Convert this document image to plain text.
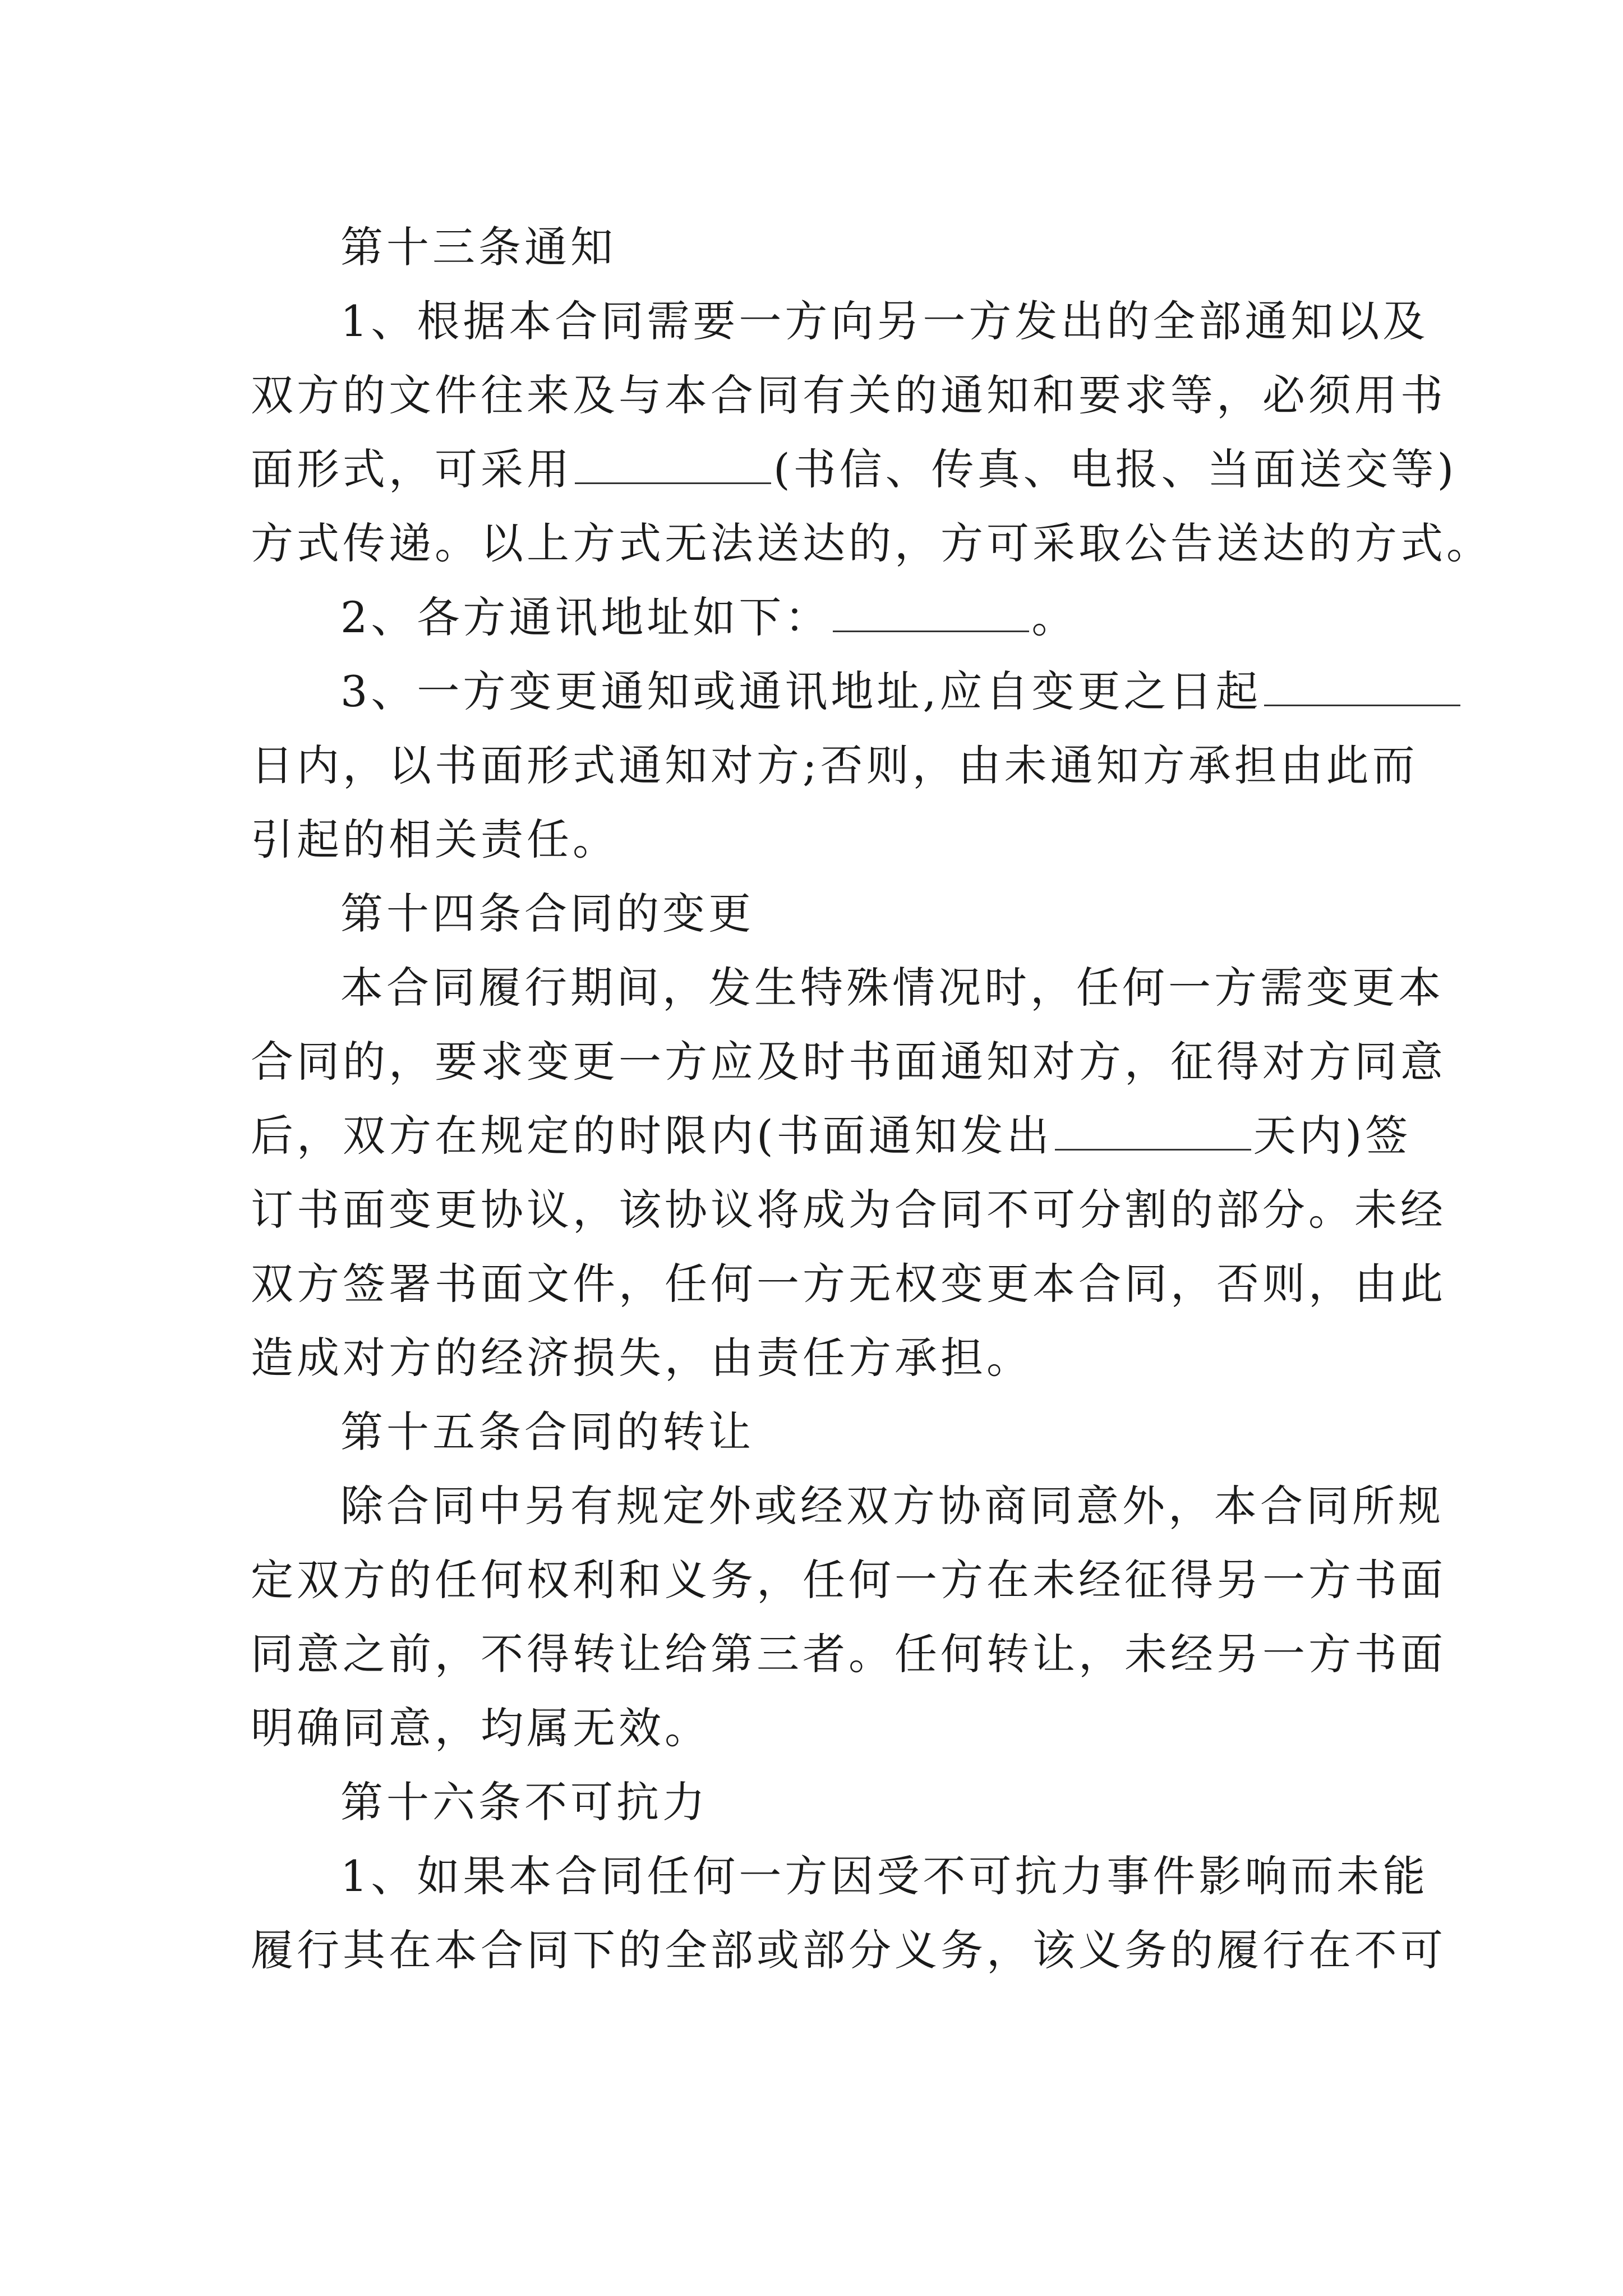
第十三条通知
1、根据本合同需要一方向另一方发出的全部通知以及
双方的文件往来及与本合同有关的通知和要求等，必须用书
面形式，可采用	(书信、传真、电报、当面送交等)
方式传递。以上方式无法送达的，方可采取公告送达的方式。
2、各方通讯地址如下：	。
3、一方变更通知或通讯地址,应自变更之日起
日内，以书面形式通知对方;否则，由未通知方承担由此而
引起的相关责任。
第十四条合同的变更
本合同履行期间，发生特殊情况时，任何一方需变更本
合同的，要求变更一方应及时书面通知对方，征得对方同意
后，双方在规定的时限内(书面通知发出	天内)签
订书面变更协议，该协议将成为合同不可分割的部分。未经
双方签署书面文件，任何一方无权变更本合同，否则，由此
造成对方的经济损失，由责任方承担。
第十五条合同的转让
除合同中另有规定外或经双方协商同意外，本合同所规
定双方的任何权利和义务，任何一方在未经征得另一方书面
同意之前，不得转让给第三者。任何转让，未经另一方书面
明确同意，均属无效。
第十六条不可抗力
1、如果本合同任何一方因受不可抗力事件影响而未能
履行其在本合同下的全部或部分义务，该义务的履行在不可
